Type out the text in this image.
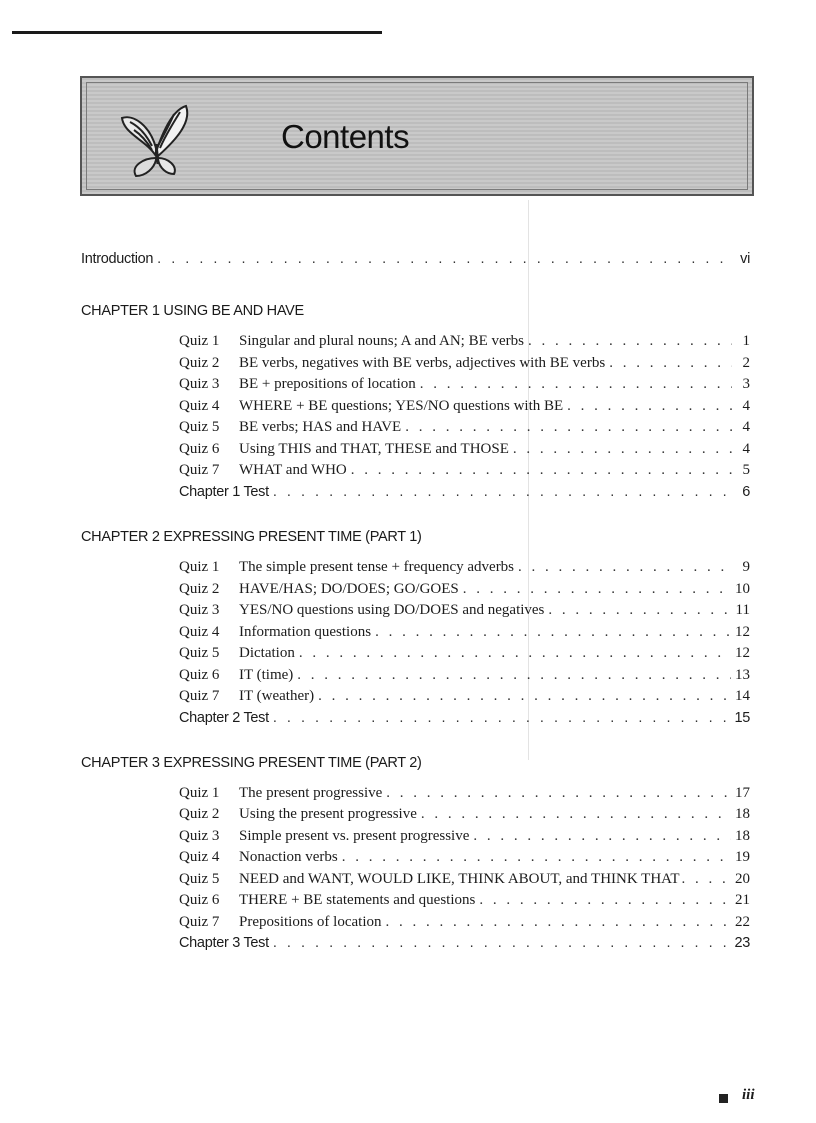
Contents
Introduction . . .	vi
CHAPTER 1 USING BE AND HAVE
Quiz 1	Singular and plural nouns; A and AN; BE verbs . . .	1
Quiz 2	BE verbs, negatives with BE verbs, adjectives with BE verbs . . .	2
Quiz 3	BE + prepositions of location . . .	3
Quiz 4	WHERE + BE questions; YES/NO questions with BE . . .	4
Quiz 5	BE verbs; HAS and HAVE . . .	4
Quiz 6	Using THIS and THAT, THESE and THOSE . . .	4
Quiz 7	WHAT and WHO . . .	5
Chapter 1 Test . . .	6
CHAPTER 2 EXPRESSING PRESENT TIME (PART 1)
Quiz 1	The simple present tense + frequency adverbs . . .	9
Quiz 2	HAVE/HAS; DO/DOES; GO/GOES . . .	10
Quiz 3	YES/NO questions using DO/DOES and negatives . . .	11
Quiz 4	Information questions . . .	12
Quiz 5	Dictation . . .	12
Quiz 6	IT (time) . . .	13
Quiz 7	IT (weather) . . .	14
Chapter 2 Test . . .	15
CHAPTER 3 EXPRESSING PRESENT TIME (PART 2)
Quiz 1	The present progressive . . .	17
Quiz 2	Using the present progressive . . .	18
Quiz 3	Simple present vs. present progressive . . .	18
Quiz 4	Nonaction verbs . . .	19
Quiz 5	NEED and WANT, WOULD LIKE, THINK ABOUT, and THINK THAT . . .	20
Quiz 6	THERE + BE statements and questions . . .	21
Quiz 7	Prepositions of location . . .	22
Chapter 3 Test . . .	23
iii
